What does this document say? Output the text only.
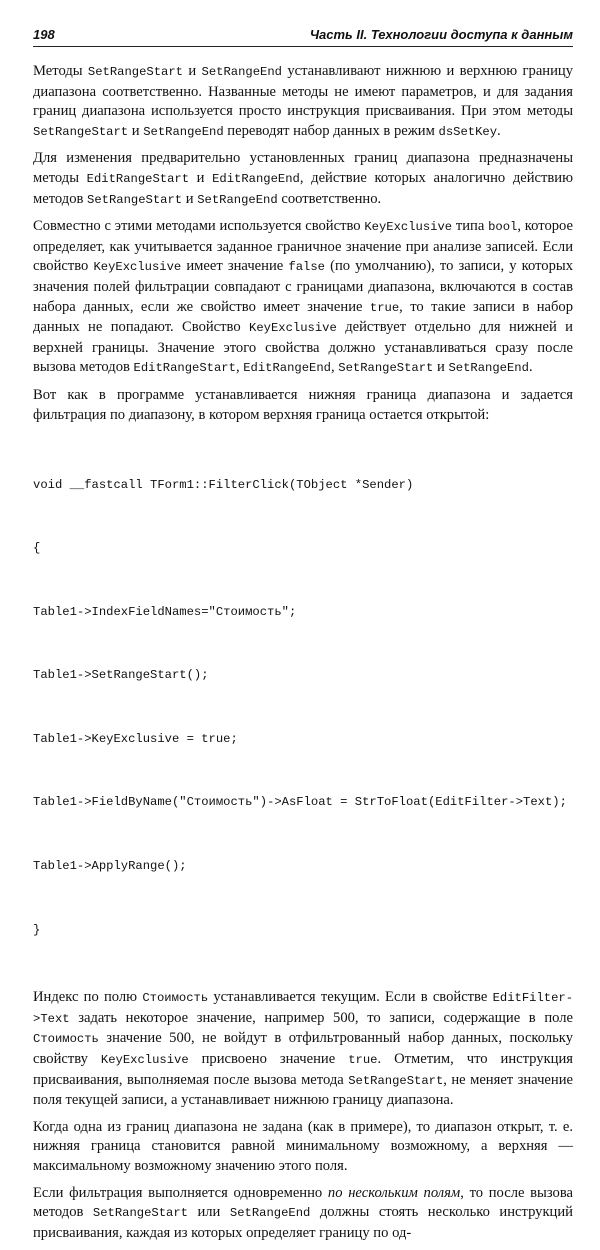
198	Часть II. Технологии доступа к данным

Методы SetRangeStart и SetRangeEnd устанавливают нижнюю и верхнюю границу диапазона соответственно. Названные методы не имеют параметров, и для задания границ диапазона используется просто инструкция присваивания. При этом методы SetRangeStart и SetRangeEnd переводят набор данных в режим dsSetKey.

Для изменения предварительно установленных границ диапазона предназначены методы EditRangeStart и EditRangeEnd, действие которых аналогично действию методов SetRangeStart и SetRangeEnd соответственно.

Совместно с этими методами используется свойство KeyExclusive типа bool, которое определяет, как учитывается заданное граничное значение при анализе записей. Если свойство KeyExclusive имеет значение false (по умолчанию), то записи, у которых значения полей фильтрации совпадают с границами диапазона, включаются в состав набора данных, если же свойство имеет значение true, то такие записи в набор данных не попадают. Свойство KeyExclusive действует отдельно для нижней и верхней границы. Значение этого свойства должно устанавливаться сразу после вызова методов EditRangeStart, EditRangeEnd, SetRangeStart и SetRangeEnd.

Вот как в программе устанавливается нижняя граница диапазона и задается фильтрация по диапазону, в котором верхняя граница остается открытой:

void __fastcall TForm1::FilterClick(TObject *Sender)

{

Table1->IndexFieldNames="Стоимость";

Table1->SetRangeStart();

Table1->KeyExclusive = true;

Table1->FieldByName("Стоимость")->AsFloat = StrToFloat(EditFilter->Text);

Table1->ApplyRange();

}

Индекс по полю Стоимость устанавливается текущим. Если в свойстве EditFilter->Text задать некоторое значение, например 500, то записи, содержащие в поле Стоимость значение 500, не войдут в отфильтрованный набор данных, поскольку свойству KeyExclusive присвоено значение true. Отметим, что инструкция присваивания, выполняемая после вызова метода SetRangeStart, не меняет значение поля текущей записи, а устанавливает нижнюю границу диапазона.

Когда одна из границ диапазона не задана (как в примере), то диапазон открыт, т. е. нижняя граница становится равной минимальному возможному, а верхняя — максимальному возможному значению этого поля.

Если фильтрация выполняется одновременно по нескольким полям, то после вызова методов SetRangeStart или SetRangeEnd должны стоять несколько инструкций присваивания, каждая из которых определяет границу по од-
